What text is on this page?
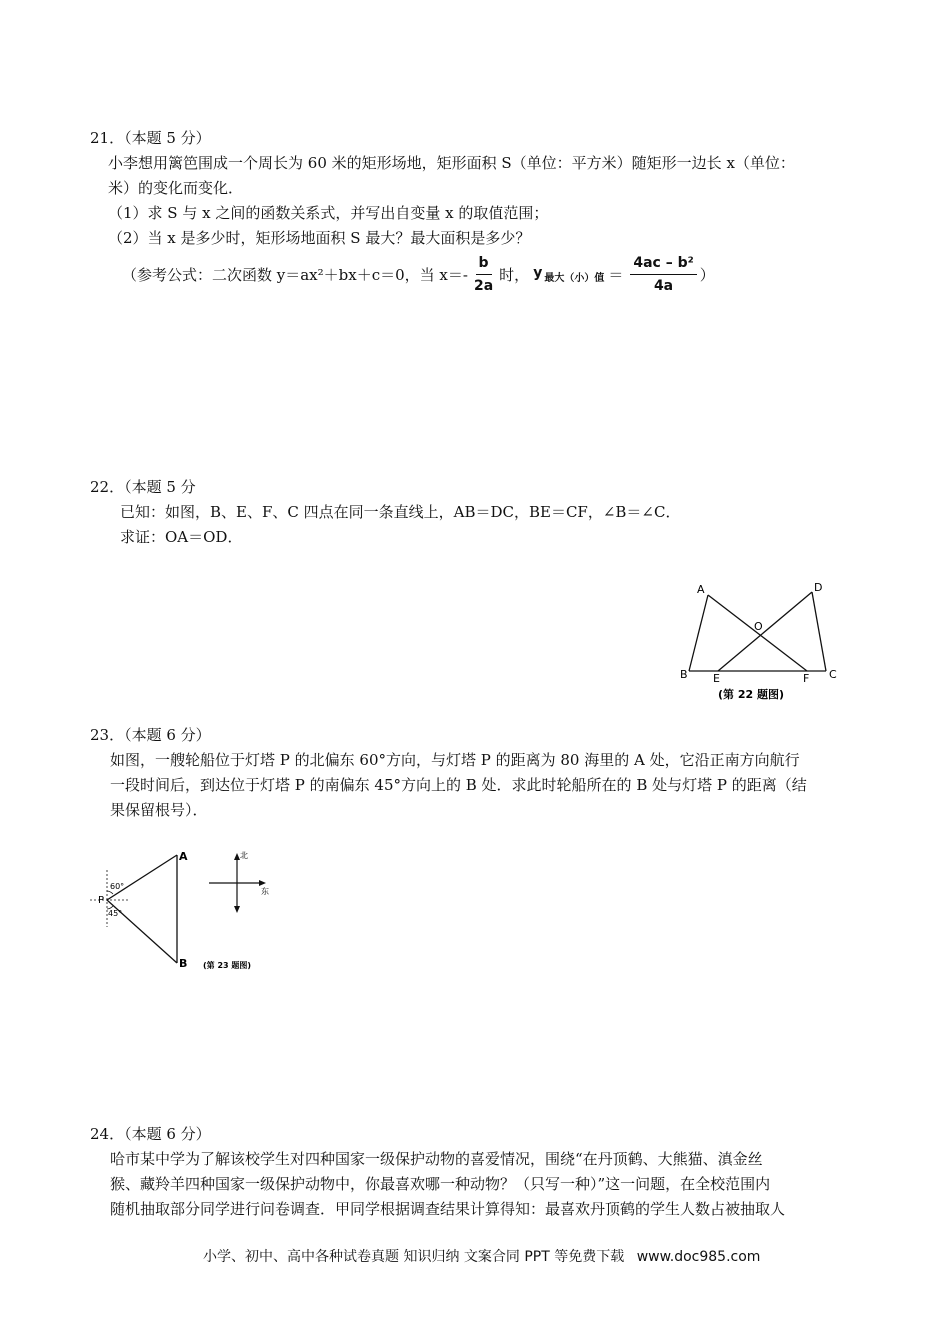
21．（本题 5 分）
小李想用篱笆围成一个周长为 60 米的矩形场地，矩形面积 S（单位：平方米）随矩形一边长 x（单位：
米）的变化而变化．
（1）求 S 与 x 之间的函数关系式，并写出自变量 x 的取值范围；
（2）当 x 是多少时，矩形场地面积 S 最大？最大面积是多少？
（参考公式：二次函数 y＝ax²＋bx＋c＝0，当 $x=- \frac{b}{2a}$ 时， y $_{最大(小)值} = \frac{\text{4ac – b²}}{4a}$ ）
22．（本题 5 分
已知：如图，B、E、F、C 四点在同一条直线上，AB＝DC，BE＝CF，∠B＝∠C．
求证：OA＝OD．
A	D
O
B E	F C
(第 22 题图)
23．（本题 6 分）
如图，一艘轮船位于灯塔 P 的北偏东 60°方向，与灯塔 P 的距离为 80 海里的 A 处，它沿正南方向航行
一段时间后，到达位于灯塔 P 的南偏东 45°方向上的 B 处．求此时轮船所在的 B 处与灯塔 P 的距离（结
果保留根号）．
A
P
B
60°
45°
北
东
(第 23 题图)
24．（本题 6 分）
哈市某中学为了解该校学生对四种国家一级保护动物的喜爱情况，围绕“在丹顶鹤、大熊猫、滇金丝
猴、藏羚羊四种国家一级保护动物中，你最喜欢哪一种动物？（只写一种）”这一问题，在全校范围内
随机抽取部分同学进行问卷调查．甲同学根据调查结果计算得知：最喜欢丹顶鹤的学生人数占被抽取人
小学、初中、高中各种试卷真题 知识归纳 文案合同 PPT 等免费下载 www.doc985.com
